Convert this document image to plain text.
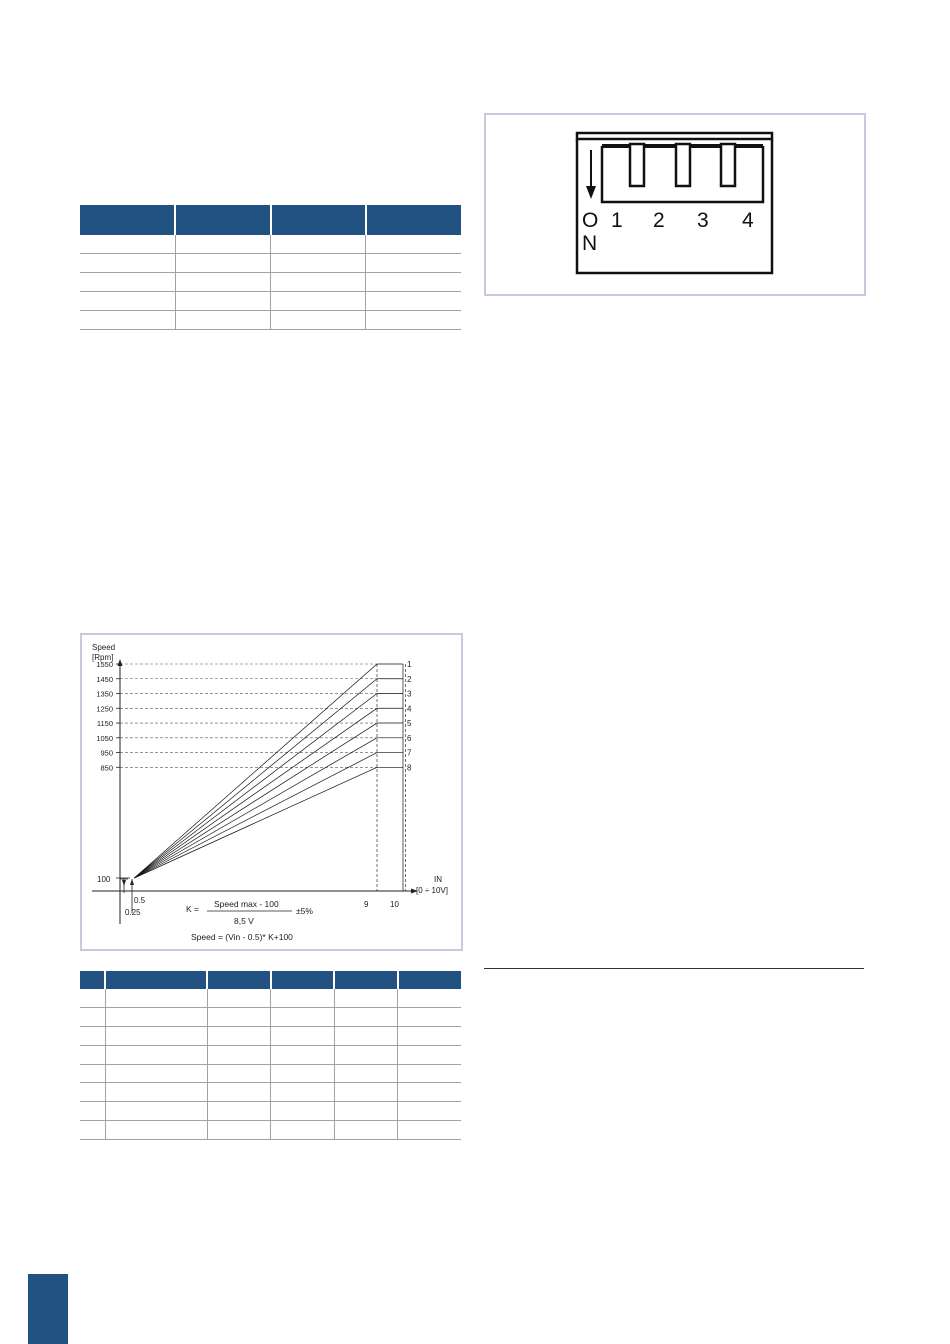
1550
1450
1350
1250
1150
1050
950
850
1
2
3
4
5
6
7
8
Speed
[Rpm]
IN
[0 ÷ 10V]
100
0.5
0.25
9	10
K = Speed max - 100
8,5 V
±5%
Speed = (Vin - 0.5)* K+100
O
N
1 2 3 4
